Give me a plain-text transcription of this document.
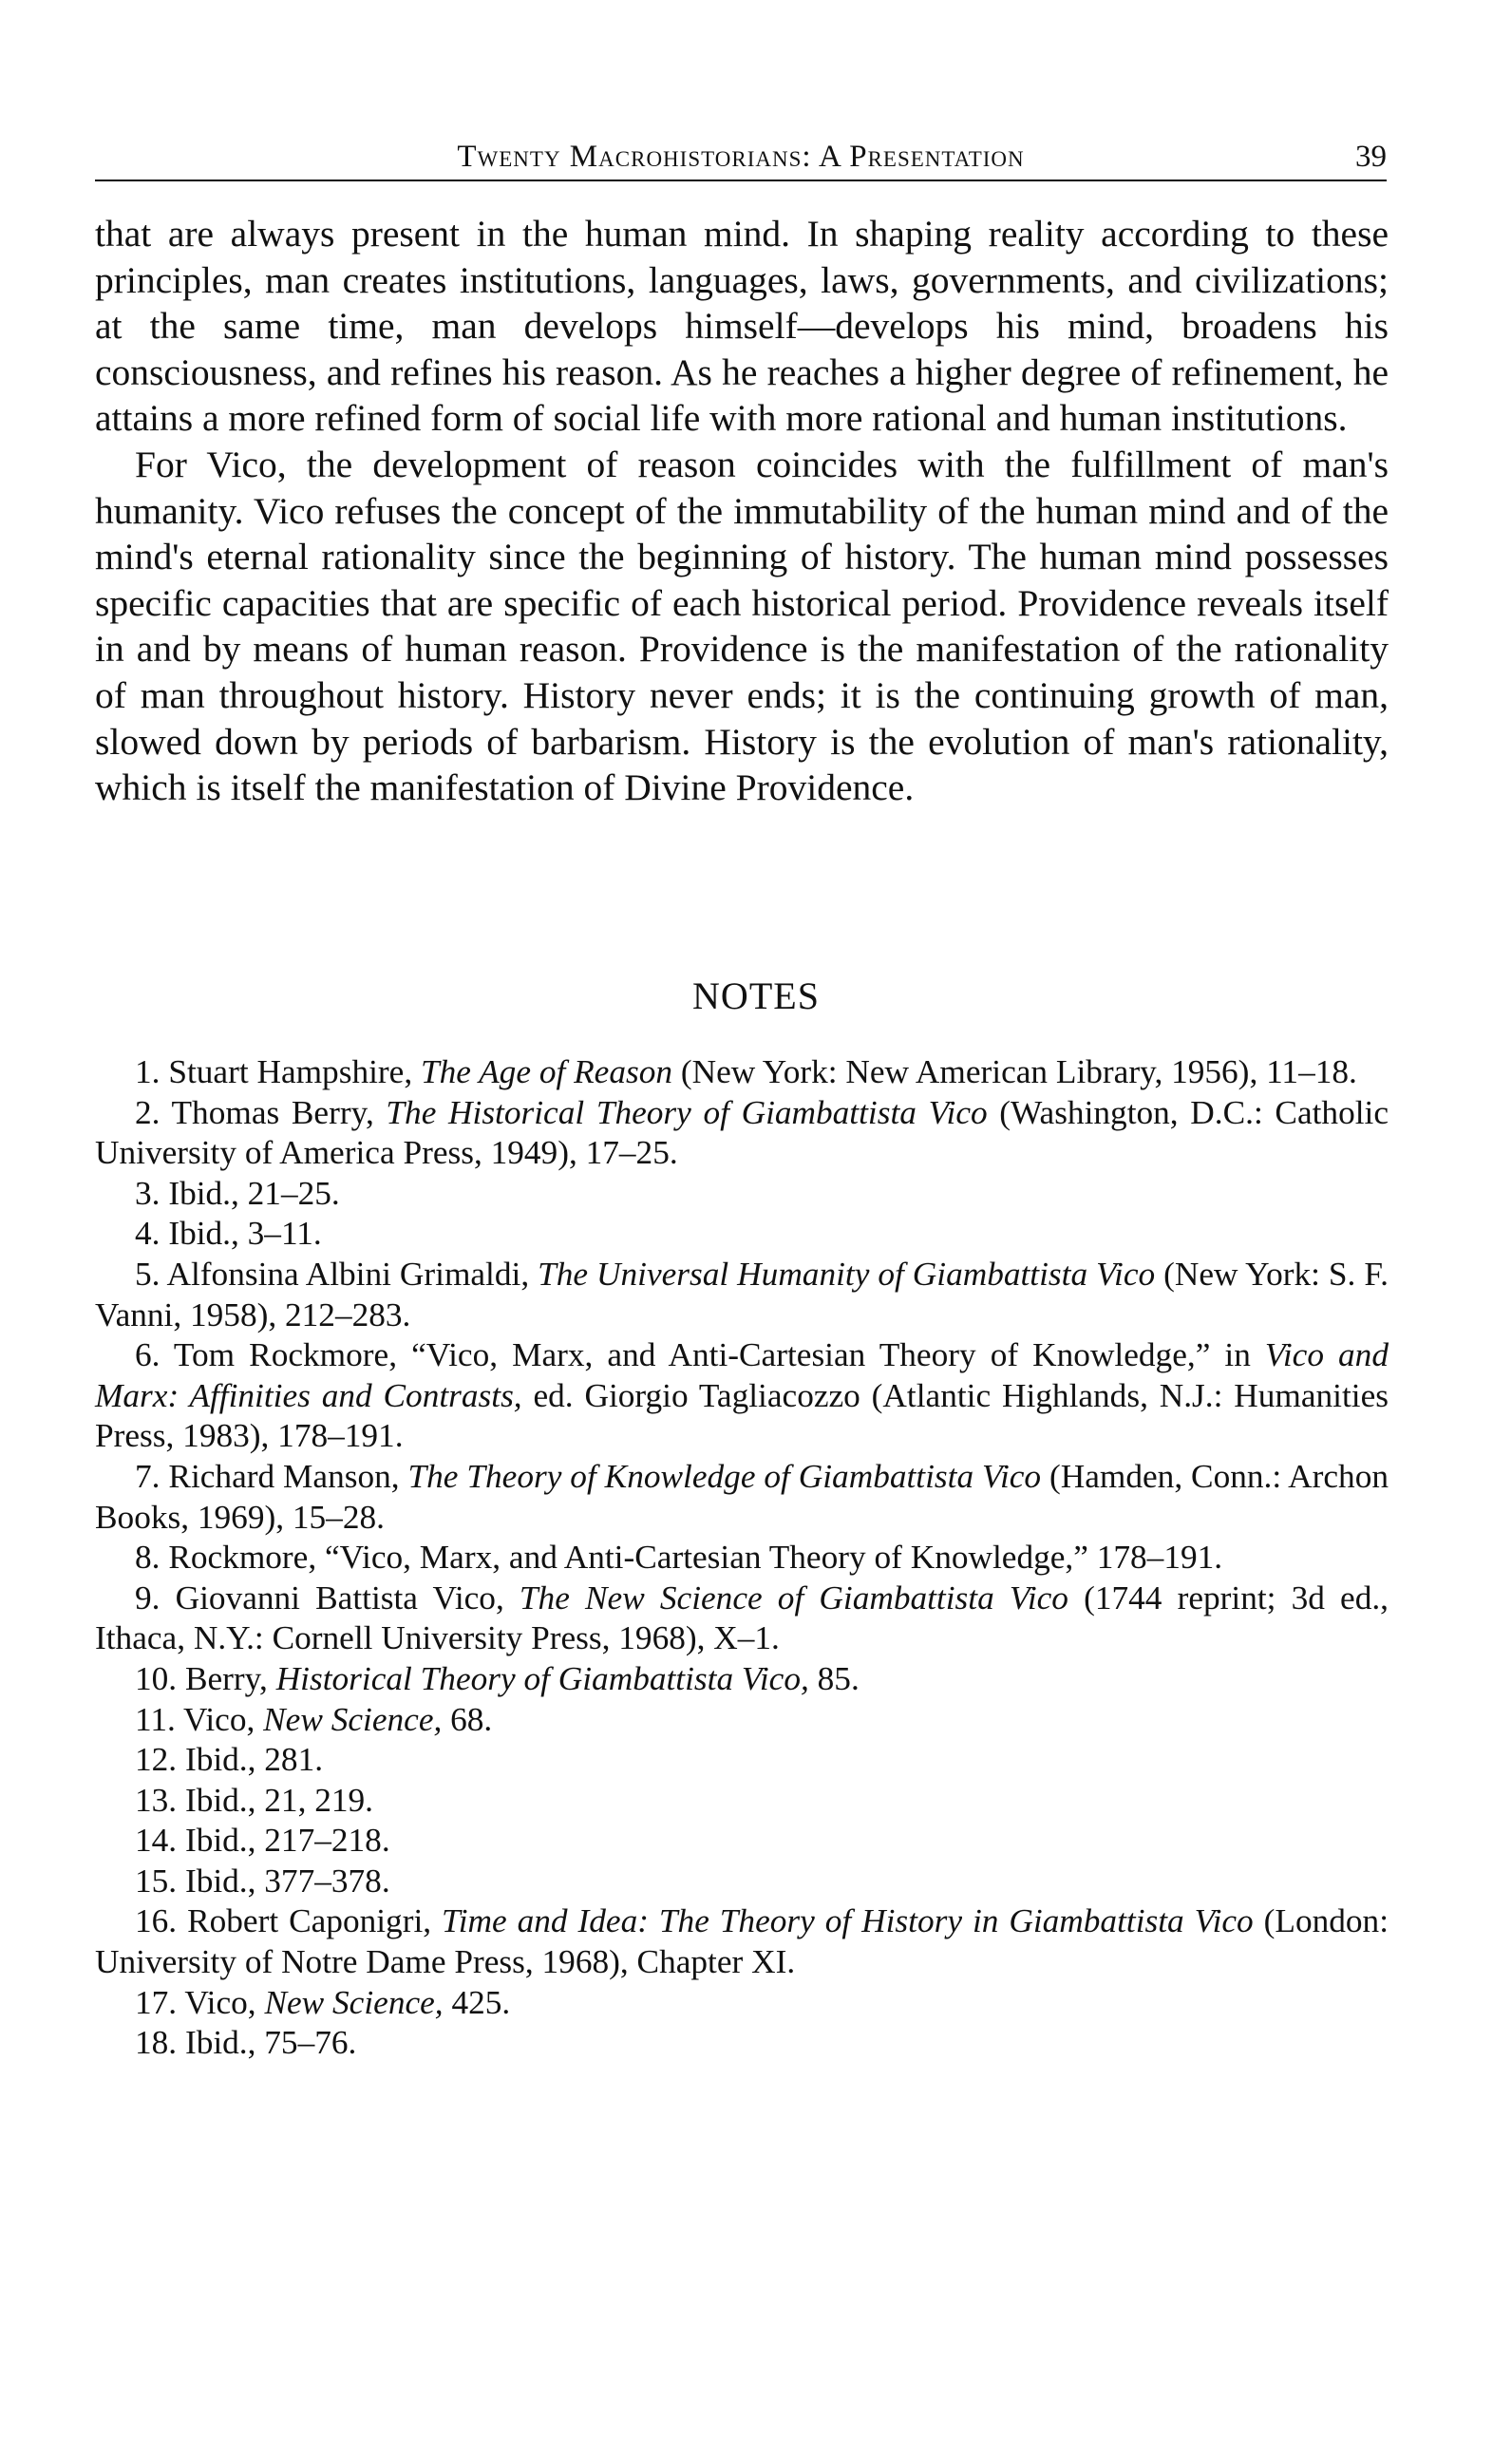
Twenty Macrohistorians: A Presentation	39

that are always present in the human mind. In shaping reality according to these principles, man creates institutions, languages, laws, governments, and civilizations; at the same time, man develops himself—develops his mind, broadens his consciousness, and refines his reason. As he reaches a higher degree of refinement, he attains a more refined form of social life with more rational and human institutions.

For Vico, the development of reason coincides with the fulfillment of man's humanity. Vico refuses the concept of the immutability of the human mind and of the mind's eternal rationality since the beginning of history. The human mind possesses specific capacities that are specific of each historical period. Providence reveals itself in and by means of human reason. Providence is the manifestation of the rationality of man throughout history. History never ends; it is the continuing growth of man, slowed down by periods of barbarism. History is the evolution of man's rationality, which is itself the manifestation of Divine Providence.

NOTES

1. Stuart Hampshire, The Age of Reason (New York: New American Library, 1956), 11–18.

2. Thomas Berry, The Historical Theory of Giambattista Vico (Washington, D.C.: Catholic University of America Press, 1949), 17–25.

3. Ibid., 21–25.

4. Ibid., 3–11.

5. Alfonsina Albini Grimaldi, The Universal Humanity of Giambattista Vico (New York: S. F. Vanni, 1958), 212–283.

6. Tom Rockmore, “Vico, Marx, and Anti-Cartesian Theory of Knowledge,” in Vico and Marx: Affinities and Contrasts, ed. Giorgio Tagliacozzo (Atlantic Highlands, N.J.: Humanities Press, 1983), 178–191.

7. Richard Manson, The Theory of Knowledge of Giambattista Vico (Hamden, Conn.: Archon Books, 1969), 15–28.

8. Rockmore, “Vico, Marx, and Anti-Cartesian Theory of Knowledge,” 178–191.

9. Giovanni Battista Vico, The New Science of Giambattista Vico (1744 reprint; 3d ed., Ithaca, N.Y.: Cornell University Press, 1968), X–1.

10. Berry, Historical Theory of Giambattista Vico, 85.

11. Vico, New Science, 68.

12. Ibid., 281.

13. Ibid., 21, 219.

14. Ibid., 217–218.

15. Ibid., 377–378.

16. Robert Caponigri, Time and Idea: The Theory of History in Giambattista Vico (London: University of Notre Dame Press, 1968), Chapter XI.

17. Vico, New Science, 425.

18. Ibid., 75–76.
